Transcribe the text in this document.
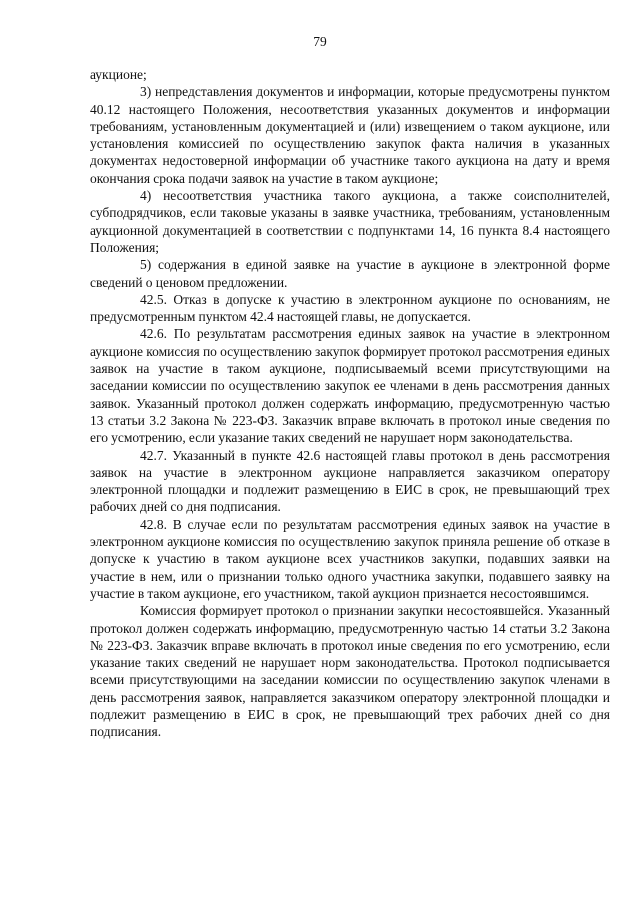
79

аукционе;

3) непредставления документов и информации, которые предусмотрены пунктом 40.12 настоящего Положения, несоответствия указанных документов и информации требованиям, установленным документацией и (или) извещением о таком аукционе, или установления комиссией по осуществлению закупок факта наличия в указанных документах недостоверной информации об участнике такого аукциона на дату и время окончания срока подачи заявок на участие в таком аукционе;

4) несоответствия участника такого аукциона, а также соисполнителей, субподрядчиков, если таковые указаны в заявке участника, требованиям, установленным аукционной документацией в соответствии с подпунктами 14, 16 пункта 8.4 настоящего Положения;

5) содержания в единой заявке на участие в аукционе в электронной форме сведений о ценовом предложении.

42.5. Отказ в допуске к участию в электронном аукционе по основаниям, не предусмотренным пунктом 42.4 настоящей главы, не допускается.

42.6. По результатам рассмотрения единых заявок на участие в электронном аукционе комиссия по осуществлению закупок формирует протокол рассмотрения единых заявок на участие в таком аукционе, подписываемый всеми присутствующими на заседании комиссии по осуществлению закупок ее членами в день рассмотрения данных заявок. Указанный протокол должен содержать информацию, предусмотренную частью 13 статьи 3.2 Закона № 223-ФЗ. Заказчик вправе включать в протокол иные сведения по его усмотрению, если указание таких сведений не нарушает норм законодательства.

42.7. Указанный в пункте 42.6 настоящей главы протокол в день рассмотрения заявок на участие в электронном аукционе направляется заказчиком оператору электронной площадки и подлежит размещению в ЕИС в срок, не превышающий трех рабочих дней со дня подписания.

42.8. В случае если по результатам рассмотрения единых заявок на участие в электронном аукционе комиссия по осуществлению закупок приняла решение об отказе в допуске к участию в таком аукционе всех участников закупки, подавших заявки на участие в нем, или о признании только одного участника закупки, подавшего заявку на участие в таком аукционе, его участником, такой аукцион признается несостоявшимся.

Комиссия формирует протокол о признании закупки несостоявшейся. Указанный протокол должен содержать информацию, предусмотренную частью 14 статьи 3.2 Закона № 223-ФЗ. Заказчик вправе включать в протокол иные сведения по его усмотрению, если указание таких сведений не нарушает норм законодательства. Протокол подписывается всеми присутствующими на заседании комиссии по осуществлению закупок членами в день рассмотрения заявок, направляется заказчиком оператору электронной площадки и подлежит размещению в ЕИС в срок, не превышающий трех рабочих дней со дня подписания.
